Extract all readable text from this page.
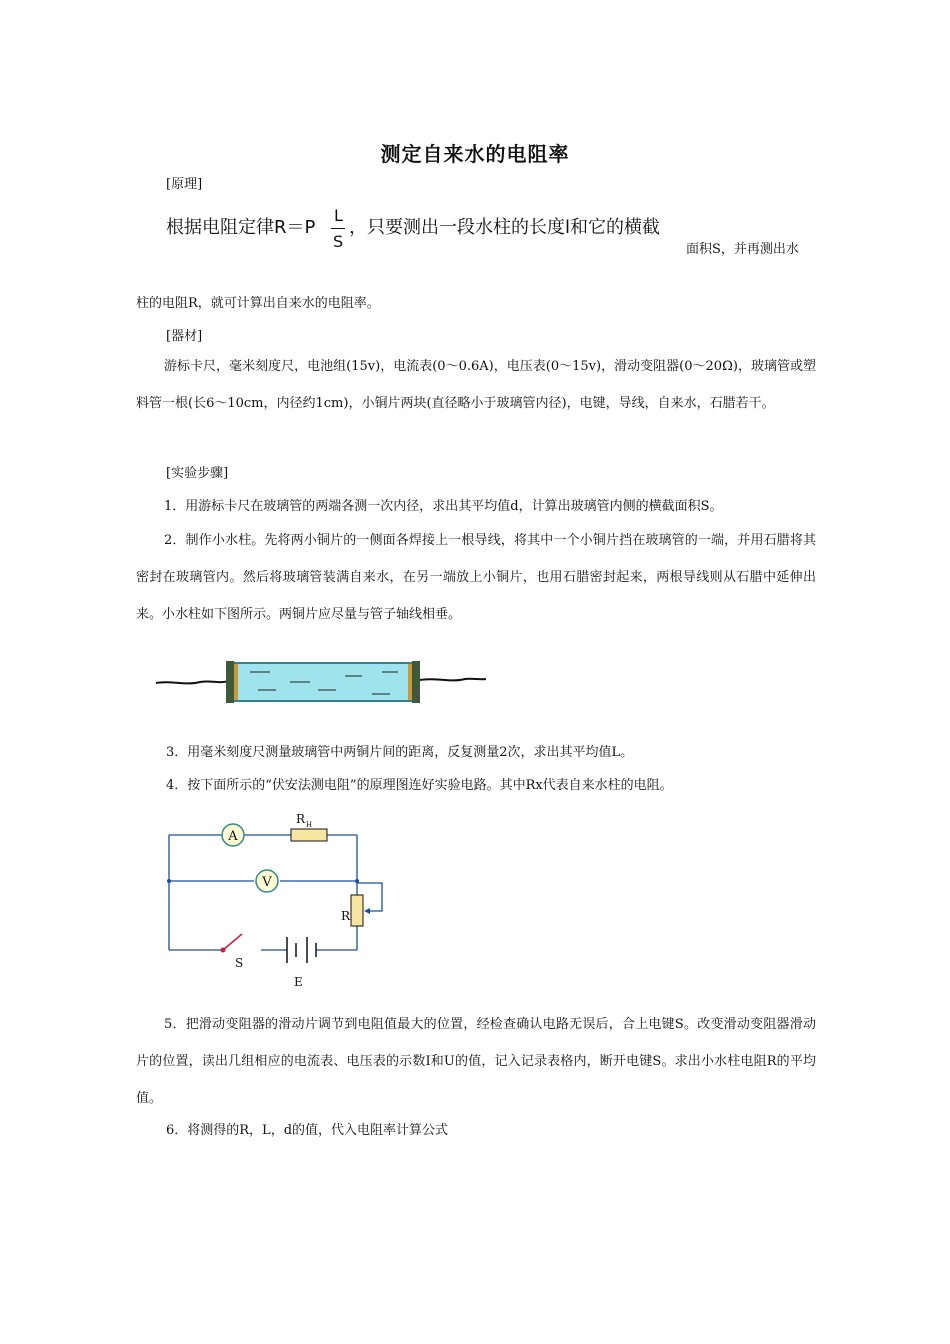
测定自来水的电阻率
[原理]
根据电阻定律R＝P
L
S
，只要测出一段水柱的长度l和它的横截
面积S，并再测出水
柱的电阻R，就可计算出自来水的电阻率。
[器材]
游标卡尺，毫米刻度尺，电池组(15v)，电流表(0～0.6A)，电压表(0～15v)，滑动变阻器(0～20Ω)，玻璃管或塑料管一根(长6～10cm，内径约1cm)，小铜片两块(直径略小于玻璃管内径)，电键，导线，自来水，石腊若干。
[实验步骤]
1．用游标卡尺在玻璃管的两端各测一次内径，求出其平均值d，计算出玻璃管内侧的横截面积S。
2．制作小水柱。先将两小铜片的一侧面各焊接上一根导线，将其中一个小铜片挡在玻璃管的一端，并用石腊将其密封在玻璃管内。然后将玻璃管装满自来水，在另一端放上小铜片，也用石腊密封起来，两根导线则从石腊中延伸出来。小水柱如下图所示。两铜片应尽量与管子轴线相垂。
3．用毫米刻度尺测量玻璃管中两铜片间的距离，反复测量2次，求出其平均值L。
4．按下面所示的“伏安法测电阻”的原理图连好实验电路。其中Rx代表自来水柱的电阻。
A
R H
V
R
S
E
5．把滑动变阻器的滑动片调节到电阻值最大的位置，经检查确认电路无误后，合上电键S。改变滑动变阻器滑动片的位置，读出几组相应的电流表、电压表的示数I和U的值，记入记录表格内，断开电键S。求出小水柱电阻R的平均值。
6．将测得的R，L，d的值，代入电阻率计算公式
